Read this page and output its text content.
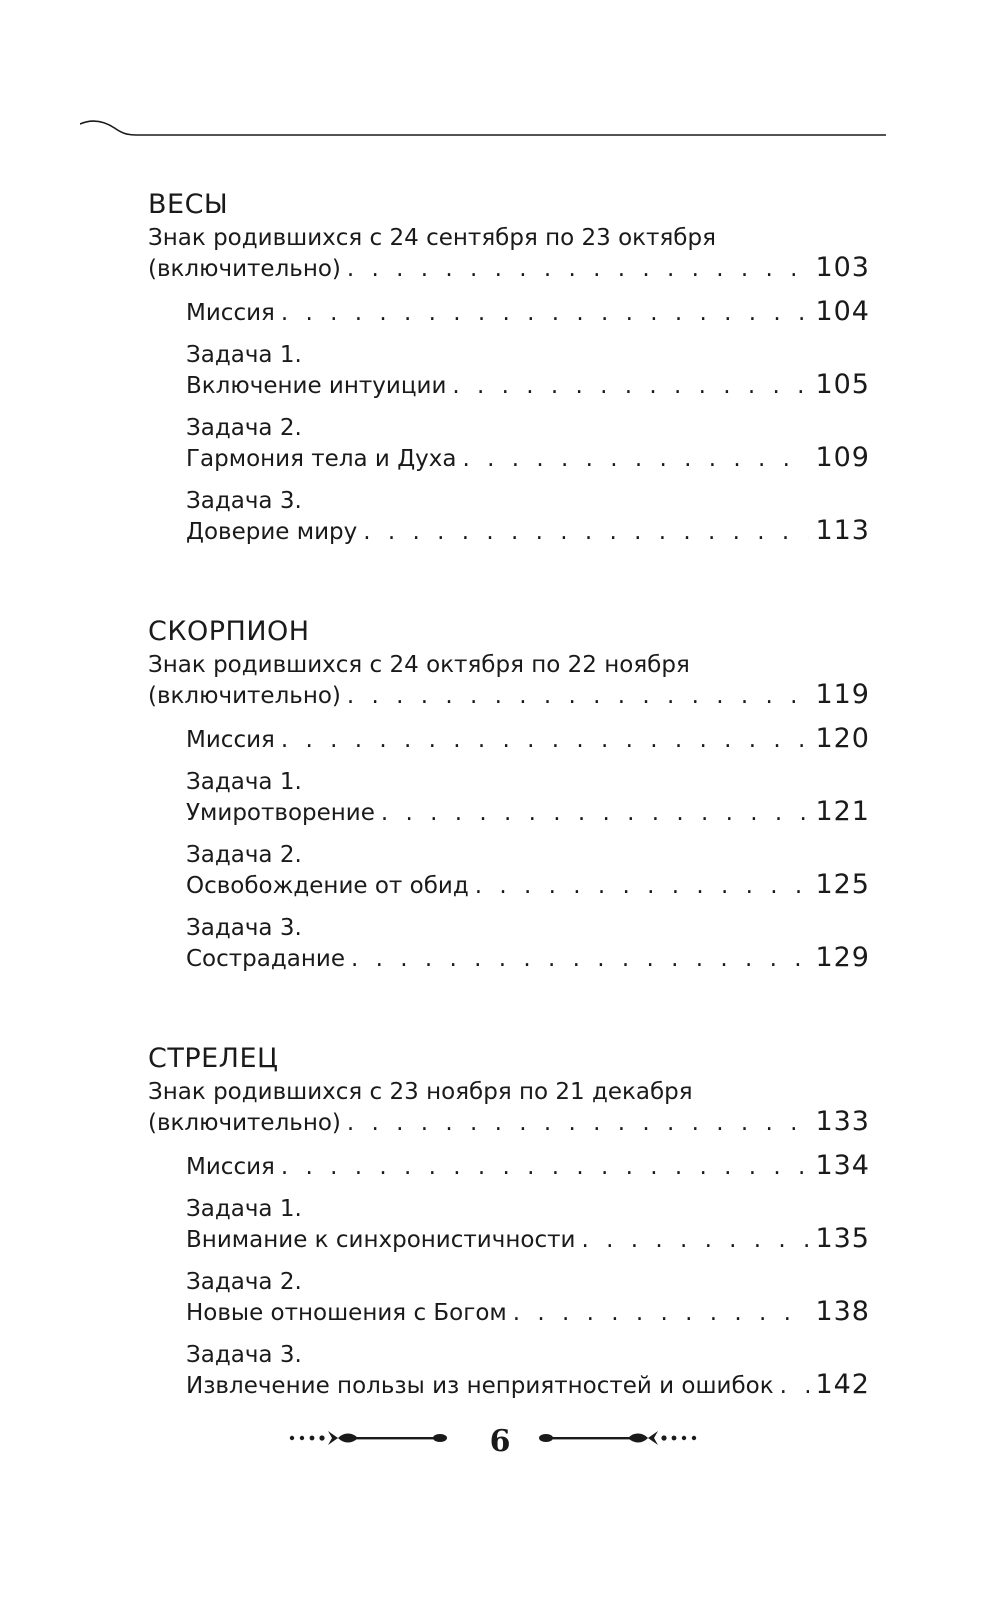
ВЕСЫ
Знак родившихся с 24 сентября по 23 октября
(включительно) . . .	103
Миссия . . .	104
Задача 1.
Включение интуиции . . .	105
Задача 2.
Гармония тела и Духа . . .	109
Задача 3.
Доверие миру . . .	113
СКОРПИОН
Знак родившихся с 24 октября по 22 ноября
(включительно) . . .	119
Миссия . . .	120
Задача 1.
Умиротворение . . .	121
Задача 2.
Освобождение от обид . . .	125
Задача 3.
Сострадание . . .	129
СТРЕЛЕЦ
Знак родившихся с 23 ноября по 21 декабря
(включительно) . . .	133
Миссия . . .	134
Задача 1.
Внимание к синхронистичности . . .	135
Задача 2.
Новые отношения с Богом . . .	138
Задача 3.
Извлечение пользы из неприятностей и ошибок . . . 142
6
